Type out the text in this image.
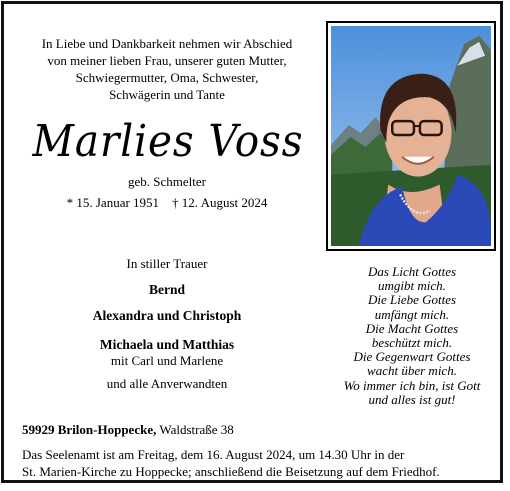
In Liebe und Dankbarkeit nehmen wir Abschied
von meiner lieben Frau, unserer guten Mutter,
Schwiegermutter, Oma, Schwester,
Schwägerin und Tante
Marlies Voss
geb. Schmelter
* 15. Januar 1951    † 12. August 2024
In stiller Trauer
Bernd
Alexandra und Christoph
Michaela und Matthias
mit Carl und Marlene
und alle Anverwandten
Das Licht Gottes
umgibt mich.
Die Liebe Gottes
umfängt mich.
Die Macht Gottes
beschützt mich.
Die Gegenwart Gottes
wacht über mich.
Wo immer ich bin, ist Gott
und alles ist gut!
59929 Brilon-Hoppecke, Waldstraße 38
Das Seelenamt ist am Freitag, dem 16. August 2024, um 14.30 Uhr in der
St. Marien-Kirche zu Hoppecke; anschließend die Beisetzung auf dem Friedhof.
